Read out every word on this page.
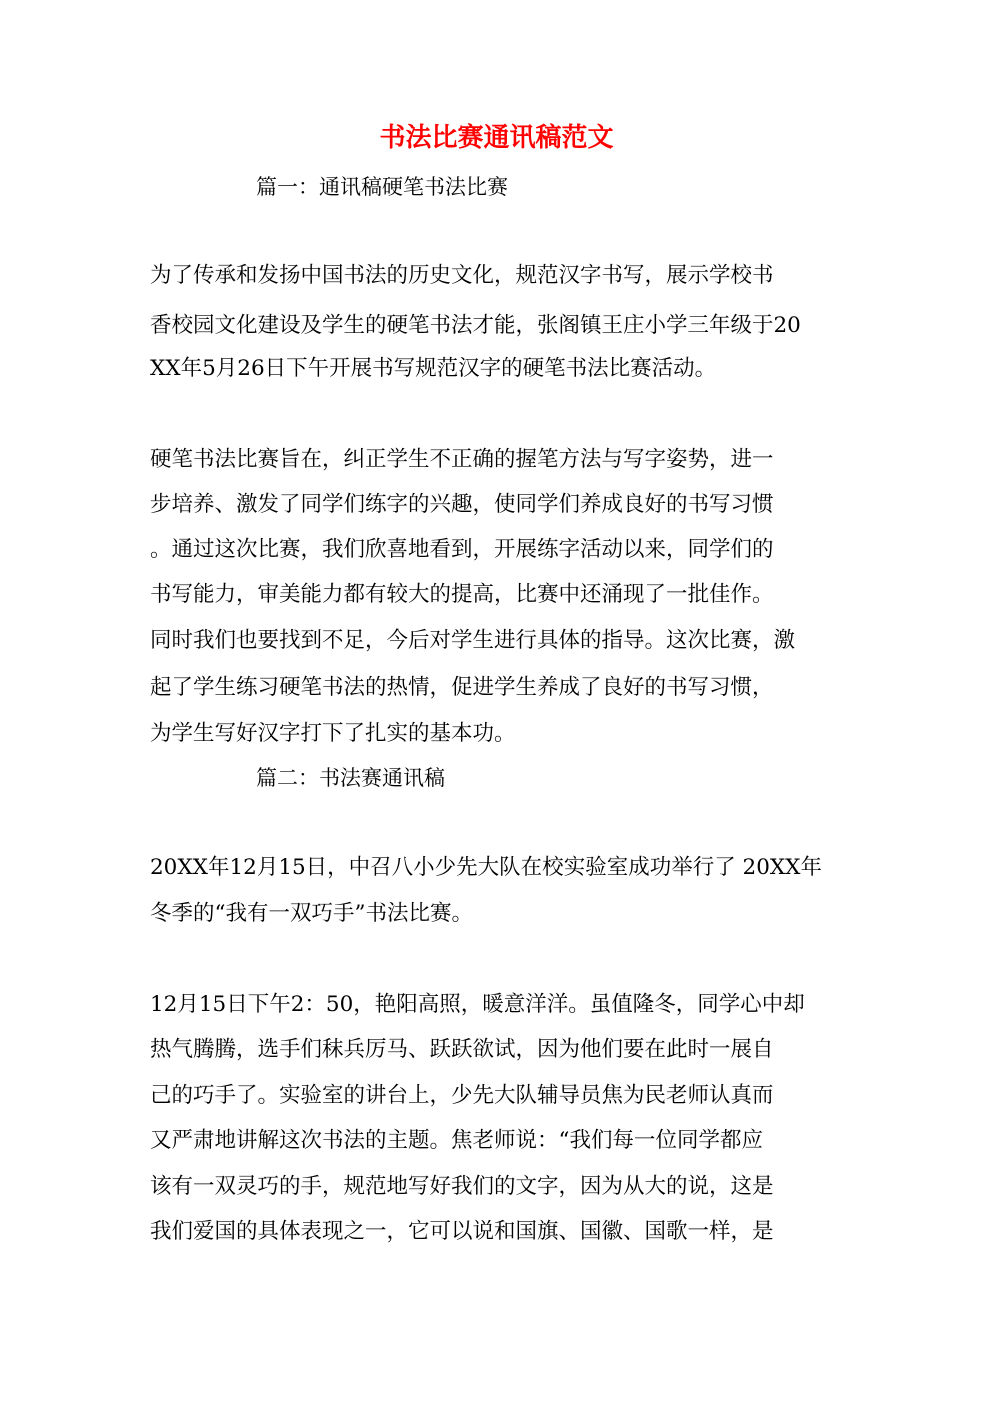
书法比赛通讯稿范文
篇一：通讯稿硬笔书法比赛

为了传承和发扬中国书法的历史文化，规范汉字书写，展示学校书

香校园文化建设及学生的硬笔书法才能，张阁镇王庄小学三年级于20

XX年5月26日下午开展书写规范汉字的硬笔书法比赛活动。

硬笔书法比赛旨在，纠正学生不正确的握笔方法与写字姿势，进一

步培养、激发了同学们练字的兴趣，使同学们养成良好的书写习惯

。通过这次比赛，我们欣喜地看到，开展练字活动以来，同学们的

书写能力，审美能力都有较大的提高，比赛中还涌现了一批佳作。

同时我们也要找到不足，今后对学生进行具体的指导。这次比赛，激

起了学生练习硬笔书法的热情，促进学生养成了良好的书写习惯，

为学生写好汉字打下了扎实的基本功。

篇二：书法赛通讯稿

20XX年12月15日，中召八小少先大队在校实验室成功举行了 20XX年

冬季的“我有一双巧手”书法比赛。

12月15日下午2：50，艳阳高照，暖意洋洋。虽值隆冬，同学心中却

热气腾腾，选手们秣兵厉马、跃跃欲试，因为他们要在此时一展自

己的巧手了。实验室的讲台上，少先大队辅导员焦为民老师认真而

又严肃地讲解这次书法的主题。焦老师说：“我们每一位同学都应

该有一双灵巧的手，规范地写好我们的文字，因为从大的说，这是

我们爱国的具体表现之一，它可以说和国旗、国徽、国歌一样，是
